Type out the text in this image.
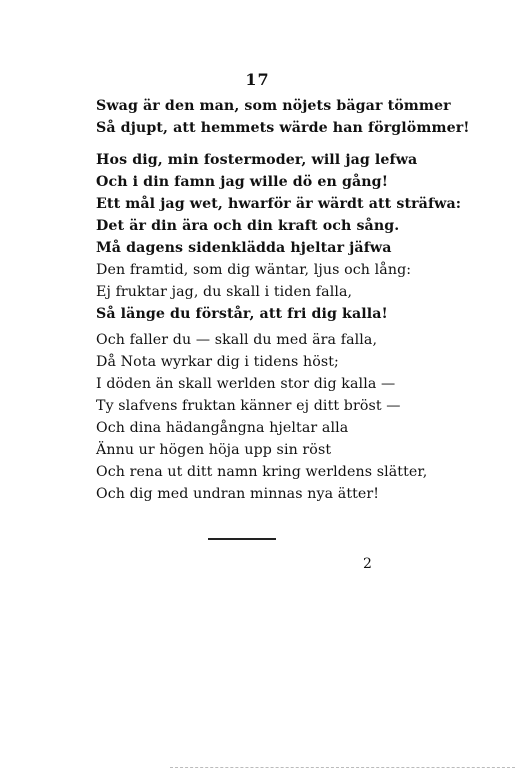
17
Swag är den man, som nöjets bägar tömmer
Så djupt, att hemmets wärde han förglömmer!
Hos dig, min fostermoder, will jag lefwa
Och i din famn jag wille dö en gång!
Ett mål jag wet, hwarför är wärdt att sträfwa:
Det är din ära och din kraft och sång.
Må dagens sidenklädda hjeltar jäfwa
Den framtid, som dig wäntar, ljus och lång:
Ej fruktar jag, du skall i tiden falla,
Så länge du förstår, att fri dig kalla!
Och faller du — skall du med ära falla,
Då Nota wyrkar dig i tidens höst;
I döden än skall werlden stor dig kalla —
Ty slafvens fruktan känner ej ditt bröst —
Och dina hädangångna hjeltar alla
Ännu ur högen höja upp sin röst
Och rena ut ditt namn kring werldens slätter,
Och dig med undran minnas nya ätter!
2
